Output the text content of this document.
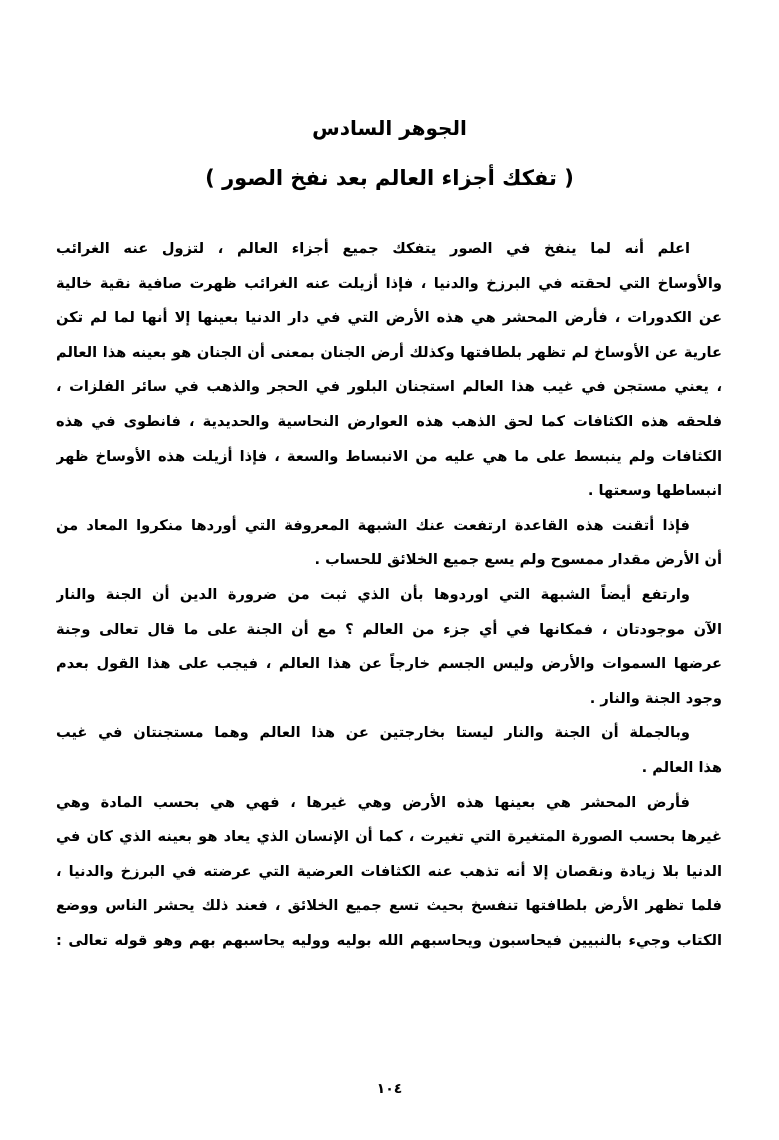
الجوهر السادس
( تفكك أجزاء العالم بعد نفخ الصور )
اعلم أنه لما ينفخ في الصور يتفكك جميع أجزاء العالم ، لتزول عنه الغرائب
والأوساخ التي لحقته في البرزخ والدنيا ، فإذا أزيلت عنه الغرائب ظهرت صافية نقية خالية
عن الكدورات ، فأرض المحشر هي هذه الأرض التي في دار الدنيا بعينها إلا أنها لما لم تكن
عارية عن الأوساخ لم تظهر بلطافتها وكذلك أرض الجنان بمعنى أن الجنان هو بعينه هذا العالم
، يعني مستجن في غيب هذا العالم استجنان البلور في الحجر والذهب في سائر الفلزات ،
فلحقه هذه الكثافات كما لحق الذهب هذه العوارض النحاسية والحديدية ، فانطوى في هذه
الكثافات ولم ينبسط على ما هي عليه من الانبساط والسعة ، فإذا أزيلت هذه الأوساخ ظهر
انبساطها وسعتها .
فإذا أتقنت هذه القاعدة ارتفعت عنك الشبهة المعروفة التي أوردها منكروا المعاد من
أن الأرض مقدار ممسوح ولم يسع جميع الخلائق للحساب .
وارتفع أيضاً الشبهة التي اوردوها بأن الذي ثبت من ضرورة الدين أن الجنة والنار
الآن موجودتان ، فمكانها في أي جزء من العالم ؟ مع أن الجنة على ما قال تعالى وجنة
عرضها السموات والأرض وليس الجسم خارجاً عن هذا العالم ، فيجب على هذا القول بعدم
وجود الجنة والنار .
وبالجملة أن الجنة والنار ليستا بخارجتين عن هذا العالم وهما مستجنتان في غيب
هذا العالم .
فأرض المحشر هي بعينها هذه الأرض وهي غيرها ، فهي هي بحسب المادة وهي
غيرها بحسب الصورة المتغيرة التي تغيرت ، كما أن الإنسان الذي يعاد هو بعينه الذي كان في
الدنيا بلا زيادة ونقصان إلا أنه تذهب عنه الكثافات العرضية التي عرضته في البرزخ والدنيا ،
فلما تظهر الأرض بلطافتها تنفسخ بحيث تسع جميع الخلائق ، فعند ذلك يحشر الناس ووضع
الكتاب وجيء بالنبيين فيحاسبون ويحاسبهم الله بوليه ووليه يحاسبهم بهم وهو قوله تعالى :
١٠٤
